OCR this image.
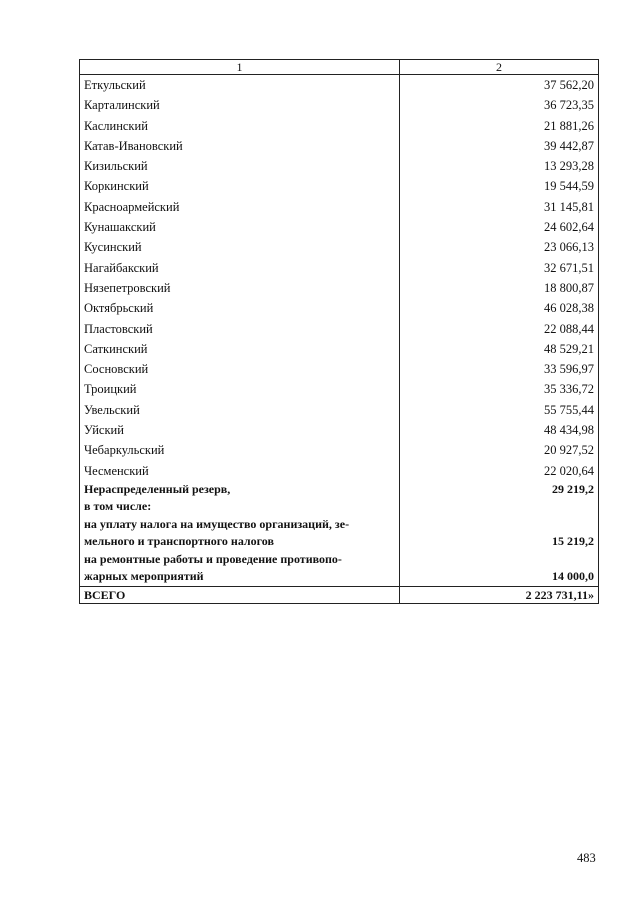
1	2
Еткульский	37 562,20
Карталинский	36 723,35
Каслинский	21 881,26
Катав-Ивановский	39 442,87
Кизильский	13 293,28
Коркинский	19 544,59
Красноармейский	31 145,81
Кунашакский	24 602,64
Кусинский	23 066,13
Нагайбакский	32 671,51
Нязепетровский	18 800,87
Октябрьский	46 028,38
Пластовский	22 088,44
Саткинский	48 529,21
Сосновский	33 596,97
Троицкий	35 336,72
Увельский	55 755,44
Уйский	48 434,98
Чебаркульский	20 927,52
Чесменский	22 020,64
Нераспределенный резерв,	29 219,2
в том числе:	
на уплату налога на имущество организаций, зе-	
мельного и транспортного налогов	15 219,2
на ремонтные работы и проведение противопо-	
жарных мероприятий	14 000,0
ВСЕГО	2 223 731,11»
483
